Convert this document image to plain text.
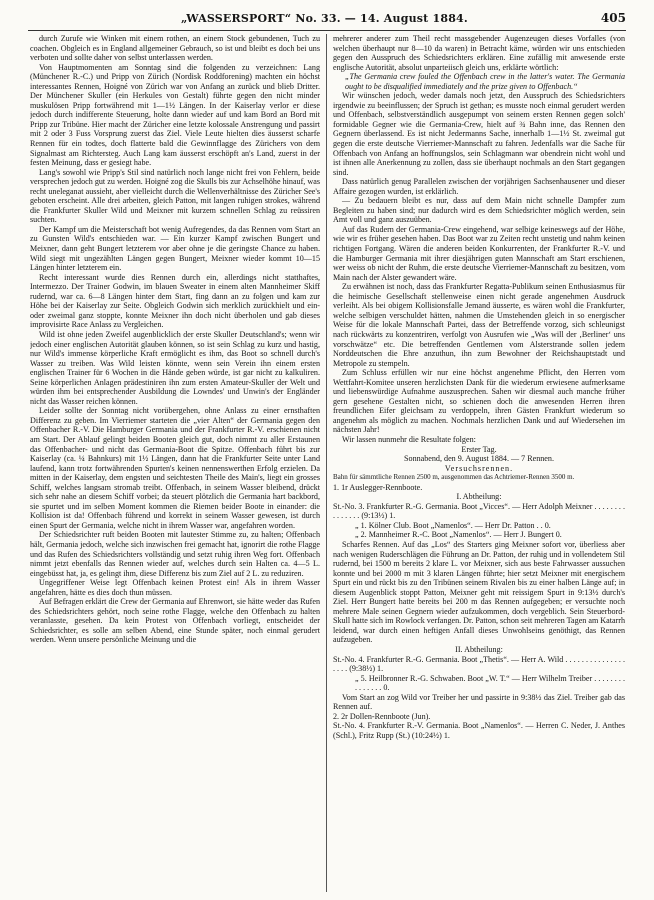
„WASSERSPORT“ No. 33. — 14. August 1884.	405

durch Zurufe wie Winken mit einem rothen, an einem Stock gebundenen, Tuch zu coachen. Obgleich es in England allgemeiner Gebrauch, so ist und bleibt es doch bei uns verboten und sollte daher von selbst unterlassen werden.

Von Hauptmomenten am Sonntag sind die folgenden zu verzeichnen: Lang (Münchener R.-C.) und Pripp von Zürich (Nordisk Roddforening) machten ein höchst interessantes Rennen, Hoigné von Zürich war von Anfang an zurück und blieb Dritter. Der Münchener Skuller (ein Herkules von Gestalt) führte gegen den nicht minder muskulösen Pripp fortwährend mit 1—1½ Längen. In der Kaiserlay verlor er diese jedoch durch indifferente Steuerung, holte dann wieder auf und kam Bord an Bord mit Pripp zur Tribüne. Hier macht der Züricher eine letzte kolossale Anstrengung und passirt mit 2 oder 3 Fuss Vorsprung zuerst das Ziel. Viele Leute hielten dies äusserst scharfe Rennen für ein todtes, doch flatterte bald die Gewinnflagge des Zürichers von dem Signalmast am Richtersteg. Auch Lang kam äusserst erschöpft an's Land, zuerst in der festen Meinung, dass er gesiegt habe.

Lang's sowohl wie Pripp's Stil sind natürlich noch lange nicht frei von Fehlern, beide versprechen jedoch gut zu werden. Hoigné zog die Skulls bis zur Achselhöhe hinauf, was recht uneleganat aussieht, aber vielleicht durch die Wellenverhältnisse des Züricher See's geboten erscheint. Alle drei arbeiten, gleich Patton, mit langen ruhigen strokes, während die Frankfurter Skuller Wild und Meixner mit kurzem schnellen Schlag zu reüssiren suchten.

Der Kampf um die Meisterschaft bot wenig Aufregendes, da das Rennen vom Start an zu Gunsten Wild's entschieden war. — Ein kurzer Kampf zwischen Bungert und Meixner, dann geht Bungert letzterem vor aber ohne je die geringste Chance zu haben. Wild siegt mit ungezählten Längen gegen Bungert, Meixner wieder kommt 10—15 Längen hinter letzterem ein.

Recht interessant wurde dies Rennen durch ein, allerdings nicht statthaftes, Intermezzo. Der Trainer Godwin, im blauen Sweater in einem alten Mannheimer Skiff rudernd, war ca. 6—8 Längen hinter dem Start, fing dann an zu folgen und kam zur Höhe bei der Kaiserlay zur Seite. Obgleich Godwin sich merklich zurückhielt und ein- oder zweimal ganz stoppte, konnte Meixner ihn doch nicht überholen und gab dieses improvisirte Race Anlass zu Vergleichen.

Wild ist ohne jeden Zweifel augenblicklich der erste Skuller Deutschland's; wenn wir jedoch einer englischen Autorität glauben können, so ist sein Schlag zu kurz und hastig, nur Wild's immense körperliche Kraft ermöglicht es ihm, das Boot so schnell durch's Wasser zu treiben. Was Wild leisten könnte, wenn sein Verein ihn einem ersten englischen Trainer für 6 Wochen in die Hände geben würde, ist gar nicht zu kalkuliren. Seine körperlichen Anlagen prädestiniren ihn zum ersten Amateur-Skuller der Welt und würden ihm bei entsprechender Ausbildung die Lowndes' und Unwin's der Engländer nicht das Wasser reichen können.

Leider sollte der Sonntag nicht vorübergehen, ohne Anlass zu einer ernsthaften Differenz zu geben. Im Vierriemer starteten die „vier Alten“ der Germania gegen den Offenbacher R.-V. Die Hamburger Germania und der Frankfurter R.-V. erschienen nicht am Start. Der Ablauf gelingt beiden Booten gleich gut, doch nimmt zu aller Erstaunen das Offenbacher- und nicht das Germania-Boot die Spitze. Offenbach führt bis zur Kaiserlay (ca. ¼ Bahnkurs) mit 1½ Längen, dann hat die Frankfurter Seite unter Land laufend, kann trotz fortwährenden Spurten's keinen nennenswerthen Erfolg erzielen. Da mitten in der Kaiserlay, dem engsten und seichtesten Theile des Main's, liegt ein grosses Schiff, welches langsam stromab treibt. Offenbach, in seinem Wasser bleibend, drückt sich sehr nahe an diesem Schiff vorbei; da steuert plötzlich die Germania hart backbord, sie spurtet und im selben Moment kommen die Riemen beider Boote in einander: die Kollision ist da! Offenbach führend und korrekt in seinem Wasser gewesen, ist durch einen Spurt der Germania, welche nicht in ihrem Wasser war, angefahren worden.

Der Schiedsrichter ruft beiden Booten mit lautester Stimme zu, zu halten; Offenbach hält, Germania jedoch, welche sich inzwischen frei gemacht hat, ignorirt die rothe Flagge und das Rufen des Schiedsrichters vollständig und setzt ruhig ihren Weg fort. Offenbach nimmt jetzt ebenfalls das Rennen wieder auf, welches durch sein Halten ca. 4—5 L. eingebüsst hat, ja, es gelingt ihm, diese Differenz bis zum Ziel auf 2 L. zu reduziren.

Ungegriffener Weise legt Offenbach keinen Protest ein! Als in ihrem Wasser angefahren, hätte es dies doch thun müssen.

Auf Befragen erklärt die Crew der Germania auf Ehrenwort, sie hätte weder das Rufen des Schiedsrichters gehört, noch seine rothe Flagge, welche den Offenbach zu halten veranlasste, gesehen. Da kein Protest von Offenbach vorliegt, entscheidet der Schiedsrichter, es solle am selben Abend, eine Stunde später, noch einmal gerudert werden. Wenn unsere persönliche Meinung und die

mehrerer anderer zum Theil recht massgebender Augenzeugen dieses Vorfalles (von welchen überhaupt nur 8—10 da waren) in Betracht käme, würden wir uns entschieden gegen den Ausspruch des Schiedsrichters erklären. Eine zufällig mit anwesende erste englische Autorität, absolut unparteiisch gleich uns, erklärte wörtlich:

„The Germania crew fouled the Offenbach crew in the latter's water. The Germania ought to be disqualified immediately and the prize given to Offenbach.“

Wir wünschen jedoch, weder damals noch jetzt, den Ausspruch des Schiedsrichters irgendwie zu beeinflussen; der Spruch ist gethan; es musste noch einmal gerudert werden und Offenbach, selbstverständlich ausgepumpt von seinem ersten Rennen gegen solch' formidable Gegner wie die Germania-Crew, hielt auf ¾ Bahn inne, das Rennen den Gegnern überlassend. Es ist nicht Jedermanns Sache, innerhalb 1—1½ St. zweimal gut gegen die erste deutsche Vierriemer-Mannschaft zu fahren. Jedenfalls war die Sache für Offenbach von Anfang an hoffnungslos, sein Schlagmann war obendrein nicht wohl und ist ihnen alle Anerkennung zu zollen, dass sie überhaupt nochmals an den Start gegangen sind.

Dass natürlich genug Parallelen zwischen der vorjährigen Sachsenhausener und dieser Affaire gezogen wurden, ist erklärlich.

— Zu bedauern bleibt es nur, dass auf dem Main nicht schnelle Dampfer zum Begleiten zu haben sind; nur dadurch wird es dem Schiedsrichter möglich werden, sein Amt voll und ganz auszuüben.

Auf das Rudern der Germania-Crew eingehend, war selbige keineswegs auf der Höhe, wie wir es früher gesehen haben. Das Boot war zu Zeiten recht unstetig und nahm keinen richtigen Fortgang. Wären die anderen beiden Konkurrenten, der Frankfurter R.-V. und die Hamburger Germania mit ihrer diesjährigen guten Mannschaft am Start erschienen, wer weiss ob nicht der Ruhm, die erste deutsche Vierriemer-Mannschaft zu besitzen, vom Main nach der Alster gewandert wäre.

Zu erwähnen ist noch, dass das Frankfurter Regatta-Publikum seinen Enthusiasmus für die heimische Gesellschaft stellenweise einen nicht gerade angenehmen Ausdruck verleiht. Als bei obigem Kollisionsfalle Jemand äusserte, es wären wohl die Frankfurter, welche selbigen verschuldet hätten, nahmen die Umstehenden gleich in so energischer Weise für die lokale Mannschaft Partei, dass der Betreffende vorzog, sich schleunigst nach rückwärts zu konzentriren, verfolgt von Ausrufen wie „Was will der ‚Berliner‘ uns vorschwätze“ etc. Die betreffenden Gentlemen vom Alsterstrande sollen jedem Norddeutschen die Ehre anzuthun, ihn zum Bewohner der Reichshauptstadt und Metropole zu stempeln.

Zum Schluss erfüllen wir nur eine höchst angenehme Pflicht, den Herren vom Wettfahrt-Komitee unseren herzlichsten Dank für die wiederum erwiesene aufmerksame und liebenswürdige Aufnahme auszusprechen. Sahen wir diesmal auch manche früher gern gesehene Gestalten nicht, so schienen doch die anwesenden Herren ihren freundlichen Eifer gleichsam zu verdoppeln, ihren Gästen Frankfurt wiederum so angenehm als möglich zu machen. Nochmals herzlichen Dank und auf Wiedersehen im nächsten Jahr!

Wir lassen nunmehr die Resultate folgen:

Erster Tag.

Sonnabend, den 9. August 1884. — 7 Rennen.

Versuchsrennen.

Bahn für sämmtliche Rennen 2500 m, ausgenommen das Achtriemer-Rennen 3500 m.

1. 1r Auslegger-Rennboote.

I. Abtheilung:

St.-No. 3. Frankfurter R.-G. Germania. Boot „Vicces“. — Herr Adolph Meixner . . . . . . . . . . . . . . . (9:13½) 1.

„ 1. Kölner Club. Boot „Namenlos“. — Herr Dr. Patton . . 0.

„ 2. Mannheimer R.-C. Boot „Namenlos“. — Herr J. Bungert 0.

Scharfes Rennen. Auf das „Los“ des Starters ging Meixner sofort vor, überliess aber nach wenigen Ruderschlägen die Führung an Dr. Patton, der ruhig und in vollendetem Stil rudernd, bei 1500 m bereits 2 klare L. vor Meixner, sich aus beste Fahrwasser aussuchen konnte und bei 2000 m mit 3 klaren Längen führte; hier setzt Meixner mit energischem Spurt ein und rückt bis zu den Tribünen seinem Rivalen bis zu einer halben Länge auf; in diesem Augenblick stoppt Patton, Meixner geht mit reissigem Spurt in 9:13½ durch's Ziel. Herr Bungert hatte bereits bei 200 m das Rennen aufgegeben; er versuchte noch mehrere Male seinen Gegnern wieder aufzukommen, doch vergeblich. Sein Steuerbord-Skull hatte sich im Rowlock verfangen. Dr. Patton, schon seit mehreren Tagen am Katarrh leidend, war durch einen heftigen Anfall dieses Unwohlseins genöthigt, das Rennen aufzugeben.

II. Abtheilung:

St.-No. 4. Frankfurter R.-G. Germania. Boot „Thetis“. — Herr A. Wild . . . . . . . . . . . . . . . . . . . (9:38½) 1.

„ 5. Heilbronner R.-G. Schwaben. Boot „W. T.“ — Herr Wilhelm Treiber . . . . . . . . . . . . . . . 0.

Vom Start an zog Wild vor Treiber her und passirte in 9:38½ das Ziel. Treiber gab das Rennen auf.

2. 2r Dollen-Rennboote (Jun).

St.-No. 4. Frankfurter R.-V. Germania. Boot „Namenlos“. — Herren C. Neder, J. Anthes (Schl.), Fritz Rupp (St.) (10:24½) 1.
